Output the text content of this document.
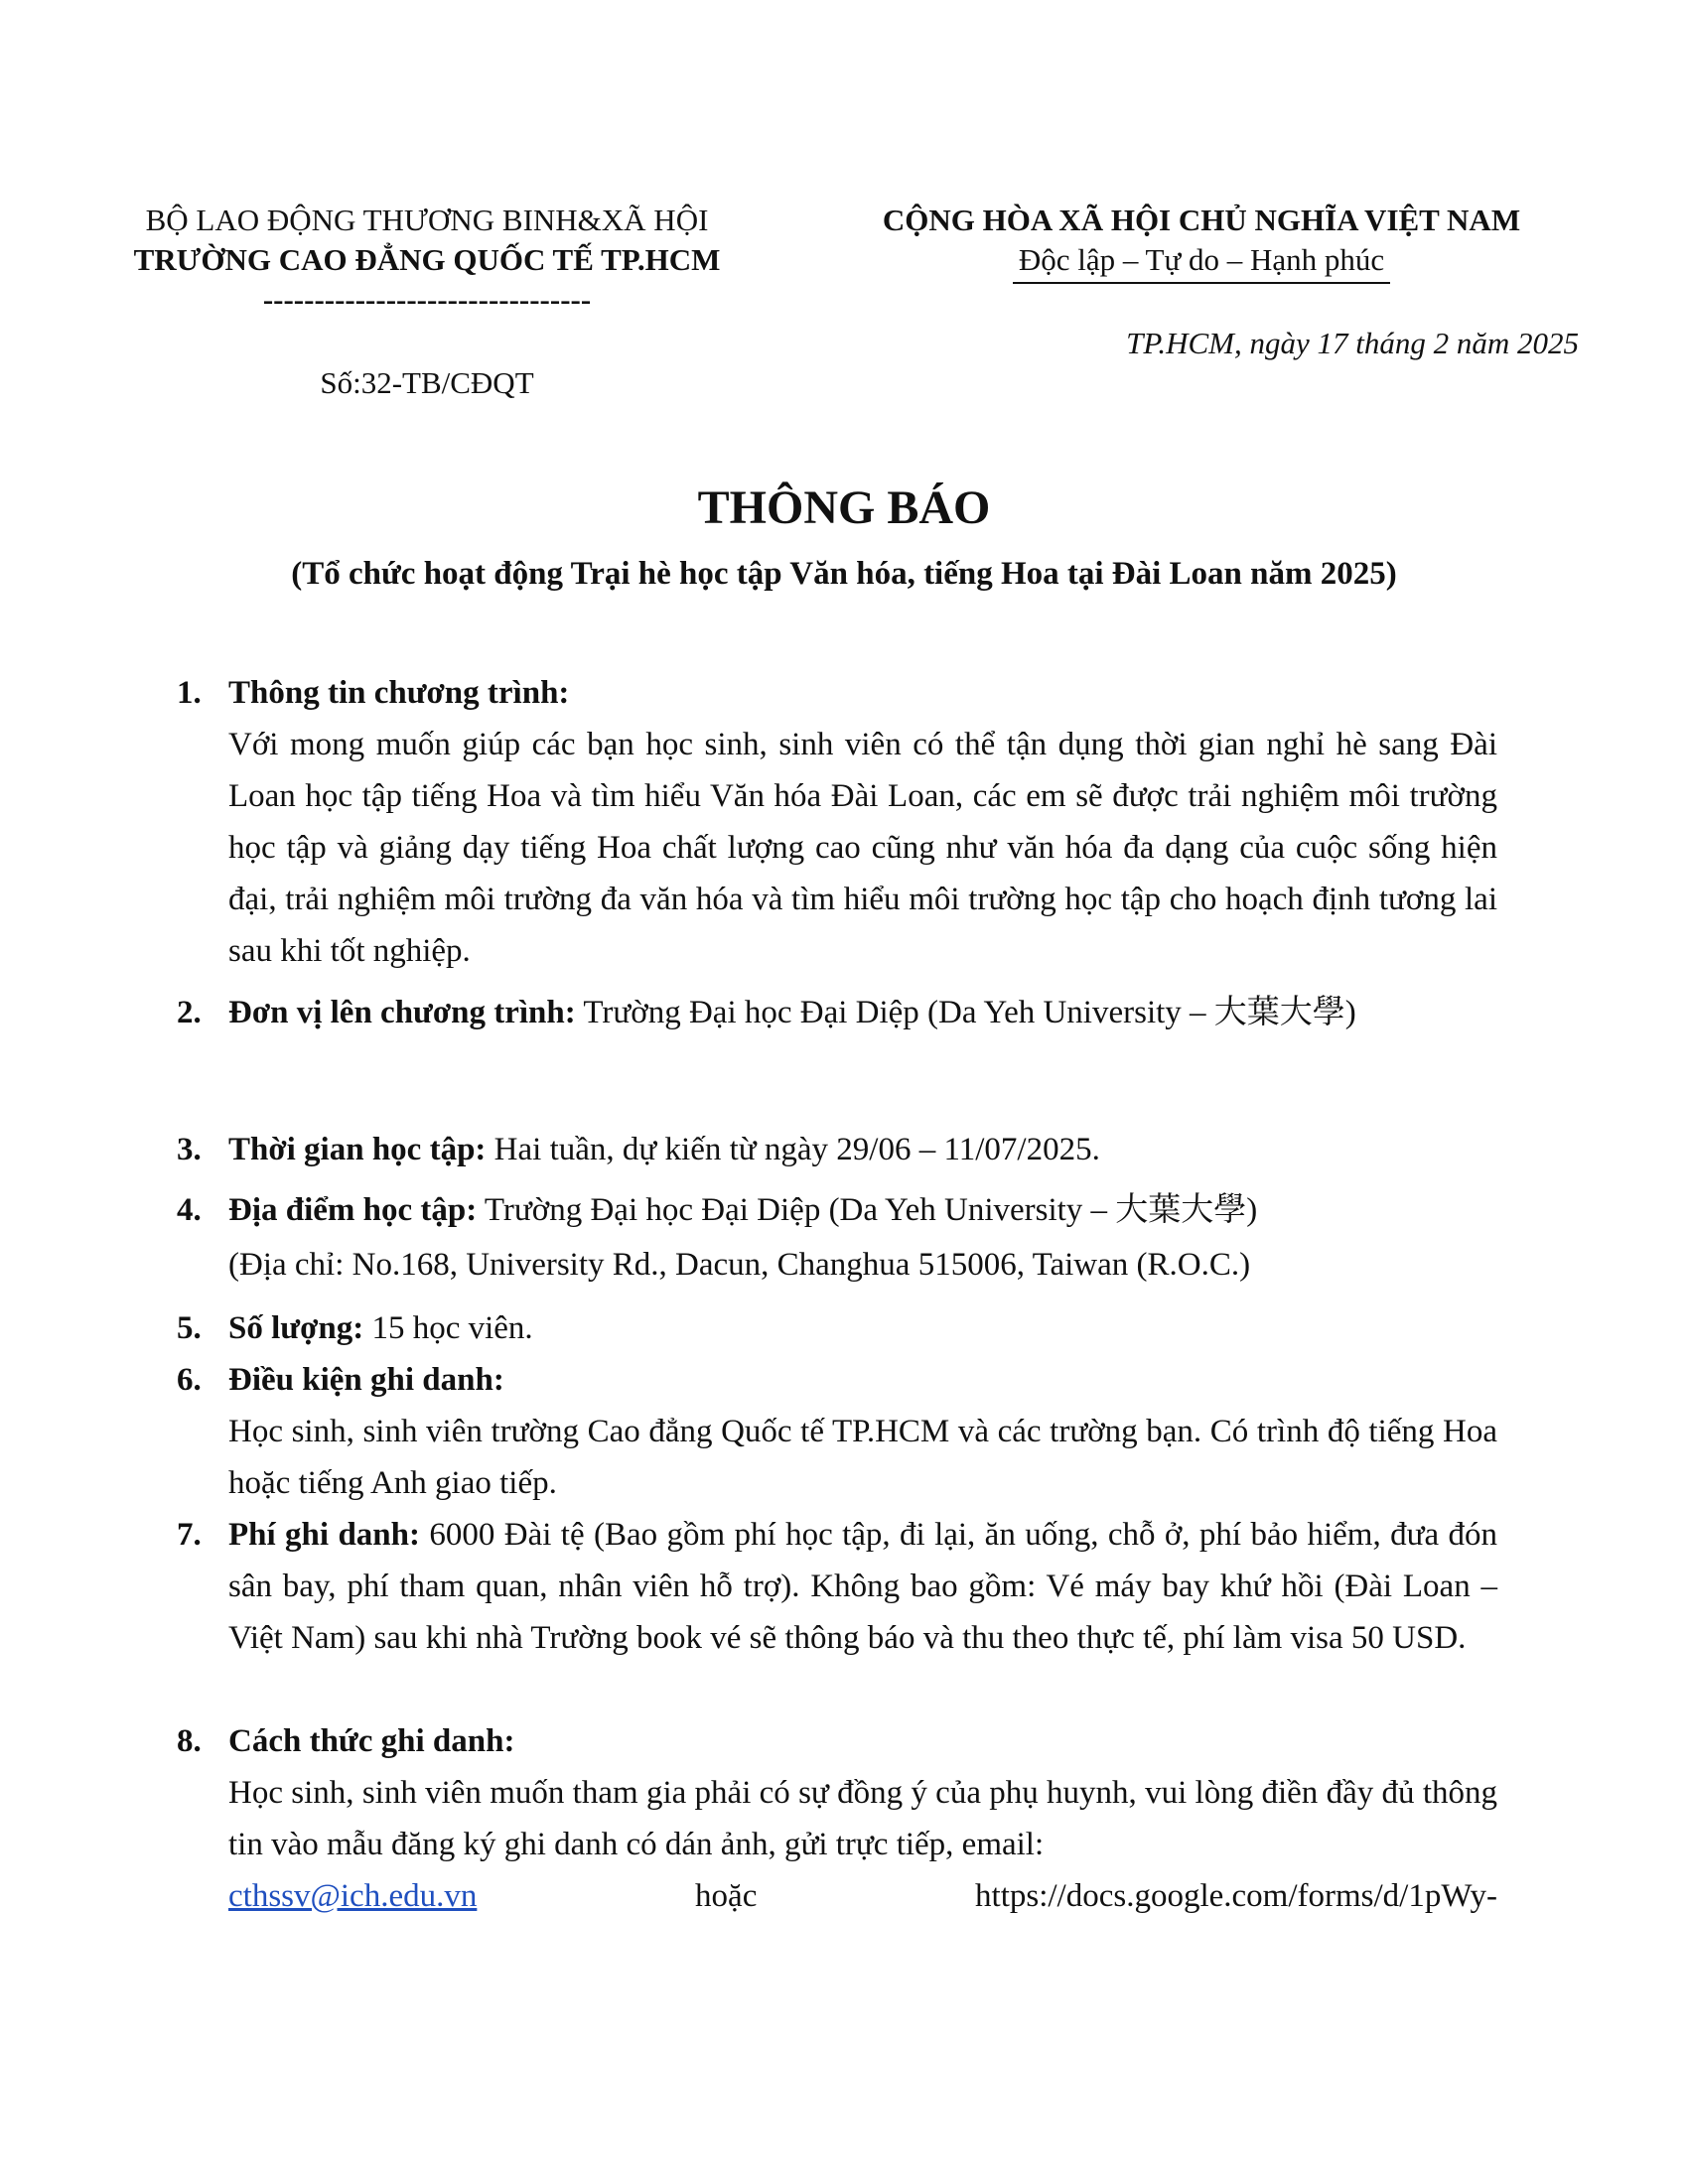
BỘ LAO ĐỘNG THƯƠNG BINH&XÃ HỘI
TRƯỜNG CAO ĐẲNG QUỐC TẾ TP.HCM
--------------------------------
Số:32-TB/CĐQT
CỘNG HÒA XÃ HỘI CHỦ NGHĨA VIỆT NAM
Độc lập – Tự do – Hạnh phúc
TP.HCM, ngày 17 tháng 2 năm 2025
THÔNG BÁO
(Tổ chức hoạt động Trại hè học tập Văn hóa, tiếng Hoa tại Đài Loan năm 2025)
1. Thông tin chương trình:
Với mong muốn giúp các bạn học sinh, sinh viên có thể tận dụng thời gian nghỉ hè sang Đài Loan học tập tiếng Hoa và tìm hiểu Văn hóa Đài Loan, các em sẽ được trải nghiệm môi trường học tập và giảng dạy tiếng Hoa chất lượng cao cũng như văn hóa đa dạng của cuộc sống hiện đại, trải nghiệm môi trường đa văn hóa và tìm hiểu môi trường học tập cho hoạch định tương lai sau khi tốt nghiệp.
2. Đơn vị lên chương trình: Trường Đại học Đại Diệp (Da Yeh University – 大葉大學)
3. Thời gian học tập: Hai tuần, dự kiến từ ngày 29/06 – 11/07/2025.
4. Địa điểm học tập: Trường Đại học Đại Diệp (Da Yeh University – 大葉大學)
(Địa chỉ: No.168, University Rd., Dacun, Changhua 515006, Taiwan (R.O.C.)
5. Số lượng: 15 học viên.
6. Điều kiện ghi danh:
Học sinh, sinh viên trường Cao đẳng Quốc tế TP.HCM và các trường bạn. Có trình độ tiếng Hoa hoặc tiếng Anh giao tiếp.
7. Phí ghi danh: 6000 Đài tệ (Bao gồm phí học tập, đi lại, ăn uống, chỗ ở, phí bảo hiểm, đưa đón sân bay, phí tham quan, nhân viên hỗ trợ). Không bao gồm: Vé máy bay khứ hồi (Đài Loan – Việt Nam) sau khi nhà Trường book vé sẽ thông báo và thu theo thực tế, phí làm visa 50 USD.
8. Cách thức ghi danh:
Học sinh, sinh viên muốn tham gia phải có sự đồng ý của phụ huynh, vui lòng điền đầy đủ thông tin vào mẫu đăng ký ghi danh có dán ảnh, gửi trực tiếp, email:
cthssv@ich.edu.vn	hoặc	https://docs.google.com/forms/d/1pWy-
